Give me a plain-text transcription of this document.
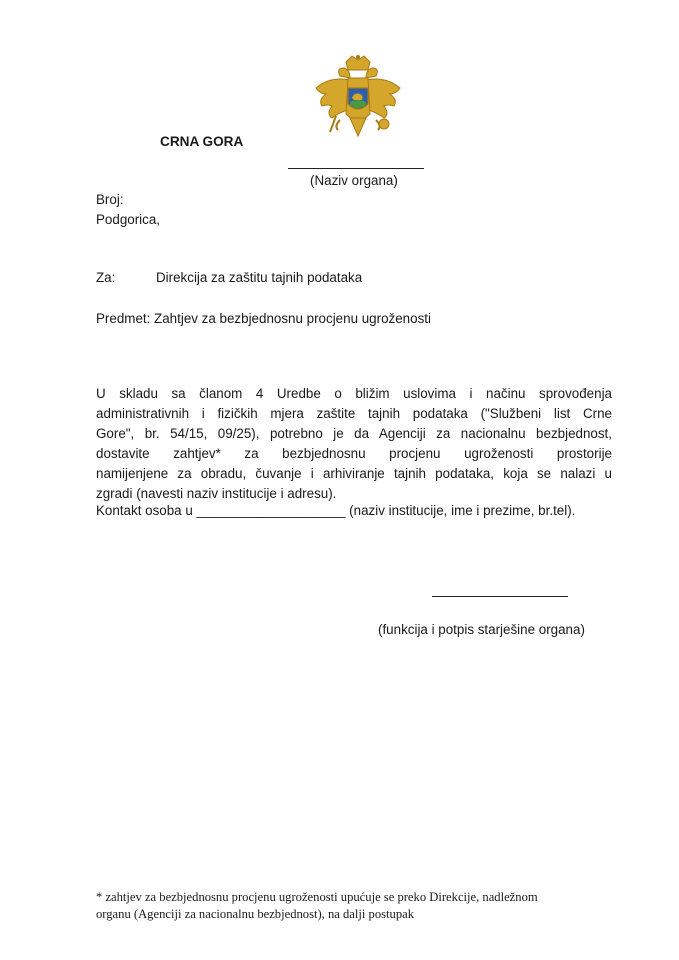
CRNA GORA
(Naziv organa)
Broj:
Podgorica,
Za:	Direkcija za zaštitu tajnih podataka
Predmet: Zahtjev za bezbjednosnu procjenu ugroženosti
U skladu sa članom 4 Uredbe o bližim uslovima i načinu sprovođenja
administrativnih i fizičkih mjera zaštite tajnih podataka ("Službeni list Crne
Gore", br. 54/15, 09/25), potrebno je da Agenciji za nacionalnu bezbjednost,
dostavite zahtjev* za bezbjednosnu procjenu ugroženosti prostorije
namijenjene za obradu, čuvanje i arhiviranje tajnih podataka, koja se nalazi u
zgradi (navesti naziv institucije i adresu).
Kontakt osoba u ____________________ (naziv institucije, ime i prezime, br.tel).
(funkcija i potpis starješine organa)
* zahtjev za bezbjednosnu procjenu ugroženosti upućuje se preko Direkcije, nadležnom
organu (Agenciji za nacionalnu bezbjednost), na dalji postupak
